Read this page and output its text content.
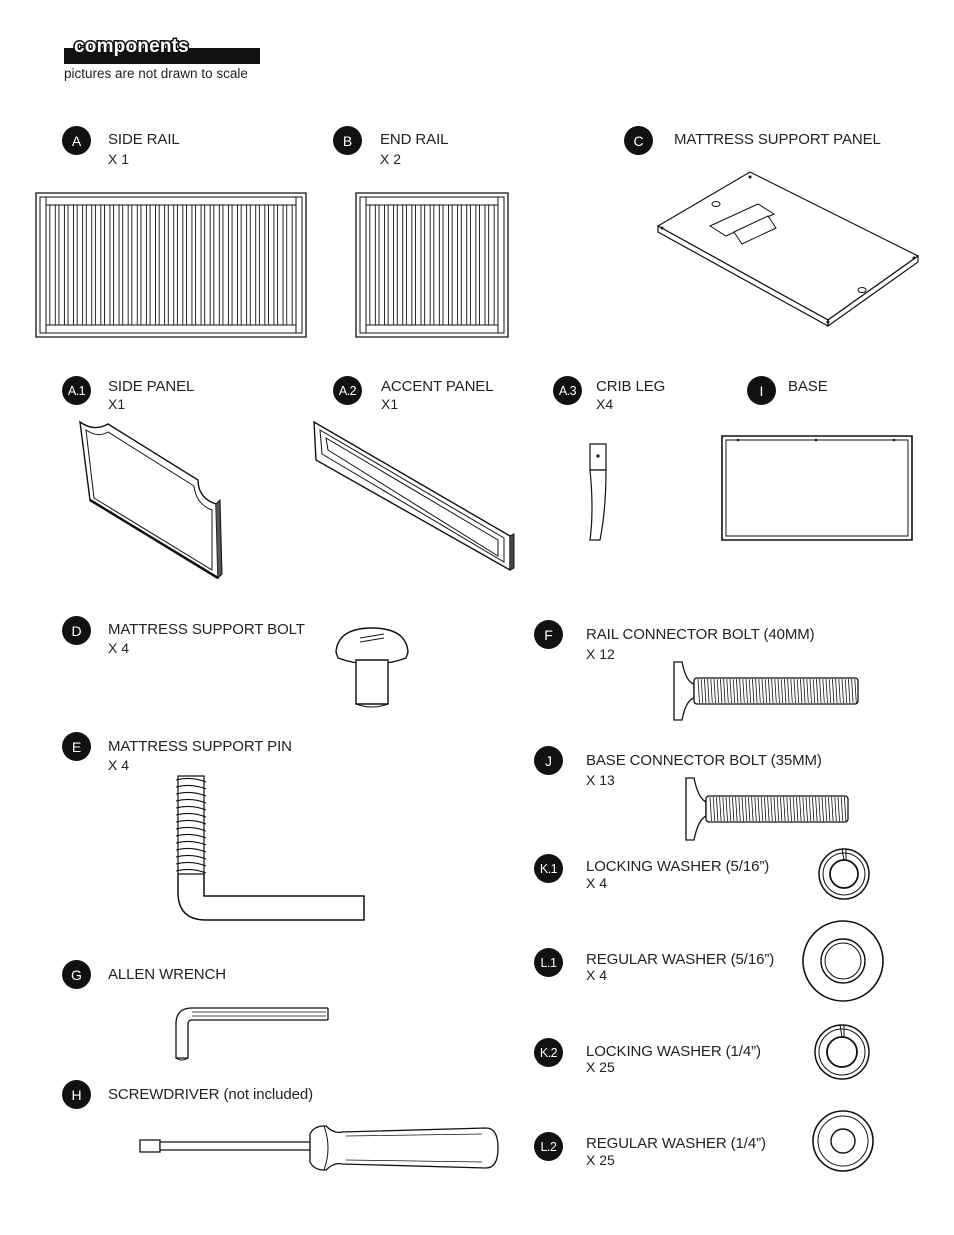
components
pictures are not drawn to scale
A	SIDE RAIL
X 1
B	END RAIL
X 2
C	MATTRESS SUPPORT PANEL
A.1	SIDE PANEL
X1
A.2	ACCENT PANEL
X1
A.3	CRIB LEG
X4
I	BASE
D	MATTRESS SUPPORT BOLT
X 4
E	MATTRESS SUPPORT PIN
X 4
F	RAIL CONNECTOR BOLT (40MM)
X 12
J	BASE CONNECTOR BOLT (35MM)
X 13
K.1	LOCKING WASHER (5/16”)
X 4
L.1	REGULAR WASHER (5/16”)
X 4
G	ALLEN WRENCH
K.2	LOCKING WASHER (1/4”)
X 25
H	SCREWDRIVER (not included)
L.2	REGULAR WASHER (1/4”)
X 25
